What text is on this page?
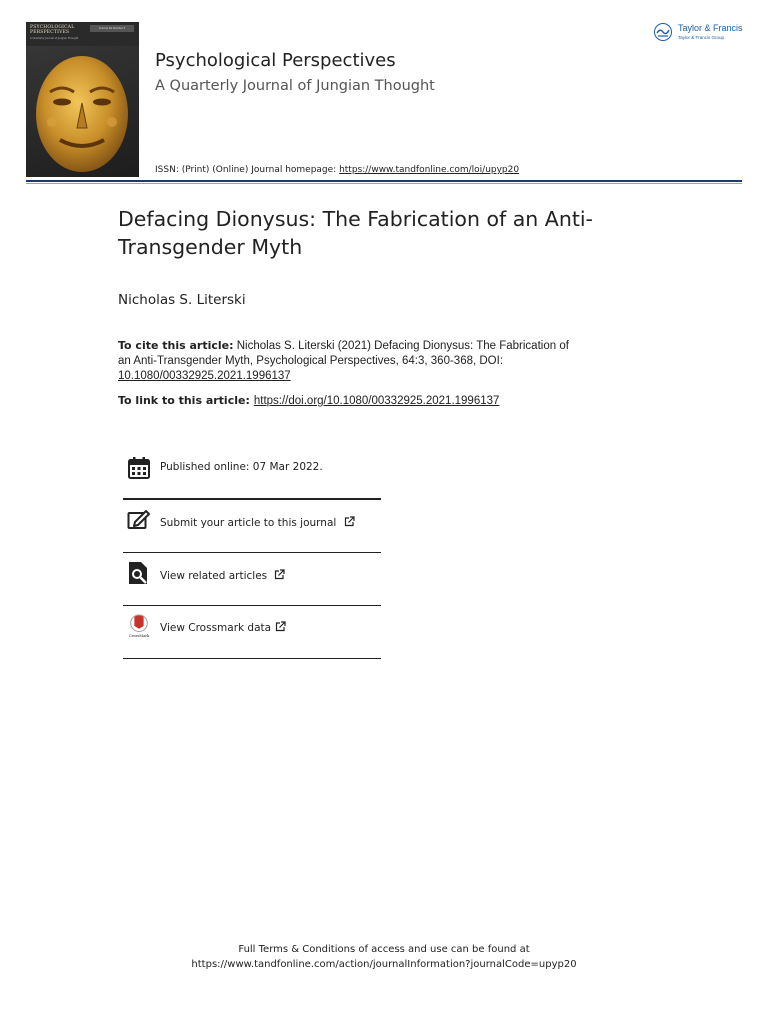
PSYCHOLOGICAL PERSPECTIVES
A Quarterly Journal of Jungian Thought
Volume 64 Number 3
Psychological Perspectives
A Quarterly Journal of Jungian Thought
ISSN: (Print) (Online) Journal homepage: https://www.tandfonline.com/loi/upyp20
Taylor & Francis
Taylor & Francis Group
Defacing Dionysus: The Fabrication of an Anti-Transgender Myth
Nicholas S. Literski
To cite this article: Nicholas S. Literski (2021) Defacing Dionysus: The Fabrication of an Anti-Transgender Myth, Psychological Perspectives, 64:3, 360-368, DOI: 10.1080/00332925.2021.1996137
To link to this article: https://doi.org/10.1080/00332925.2021.1996137
Published online: 07 Mar 2022.
Submit your article to this journal
View related articles
CrossMark
View Crossmark data
Full Terms & Conditions of access and use can be found at
https://www.tandfonline.com/action/journalInformation?journalCode=upyp20
